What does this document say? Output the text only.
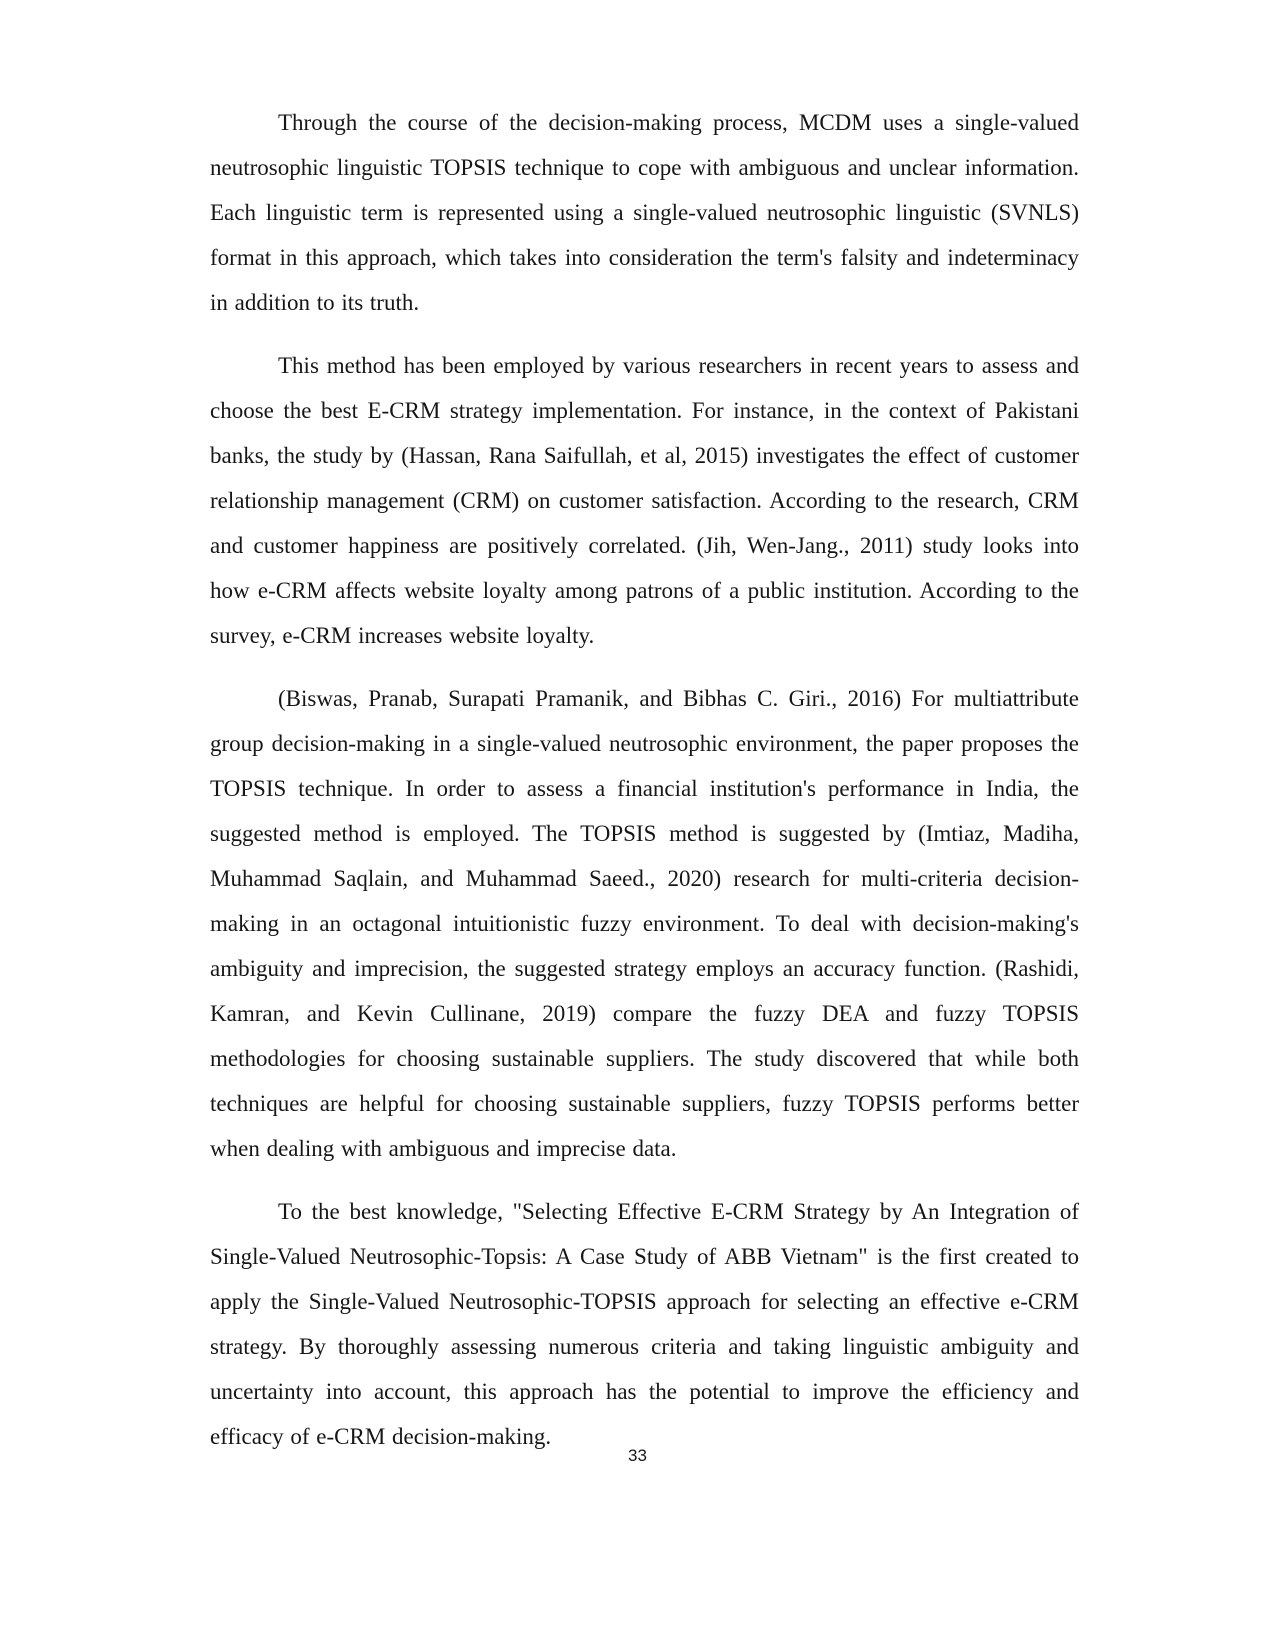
Through the course of the decision-making process, MCDM uses a single-valued neutrosophic linguistic TOPSIS technique to cope with ambiguous and unclear information. Each linguistic term is represented using a single-valued neutrosophic linguistic (SVNLS) format in this approach, which takes into consideration the term's falsity and indeterminacy in addition to its truth.

This method has been employed by various researchers in recent years to assess and choose the best E-CRM strategy implementation. For instance, in the context of Pakistani banks, the study by (Hassan, Rana Saifullah, et al, 2015) investigates the effect of customer relationship management (CRM) on customer satisfaction. According to the research, CRM and customer happiness are positively correlated. (Jih, Wen-Jang., 2011) study looks into how e-CRM affects website loyalty among patrons of a public institution. According to the survey, e-CRM increases website loyalty.

(Biswas, Pranab, Surapati Pramanik, and Bibhas C. Giri., 2016) For multiattribute group decision-making in a single-valued neutrosophic environment, the paper proposes the TOPSIS technique. In order to assess a financial institution's performance in India, the suggested method is employed. The TOPSIS method is suggested by (Imtiaz, Madiha, Muhammad Saqlain, and Muhammad Saeed., 2020) research for multi-criteria decision-making in an octagonal intuitionistic fuzzy environment. To deal with decision-making's ambiguity and imprecision, the suggested strategy employs an accuracy function. (Rashidi, Kamran, and Kevin Cullinane, 2019) compare the fuzzy DEA and fuzzy TOPSIS methodologies for choosing sustainable suppliers. The study discovered that while both techniques are helpful for choosing sustainable suppliers, fuzzy TOPSIS performs better when dealing with ambiguous and imprecise data.

To the best knowledge, "Selecting Effective E-CRM Strategy by An Integration of Single-Valued Neutrosophic-Topsis: A Case Study of ABB Vietnam" is the first created to apply the Single-Valued Neutrosophic-TOPSIS approach for selecting an effective e-CRM strategy. By thoroughly assessing numerous criteria and taking linguistic ambiguity and uncertainty into account, this approach has the potential to improve the efficiency and efficacy of e-CRM decision-making.

33
